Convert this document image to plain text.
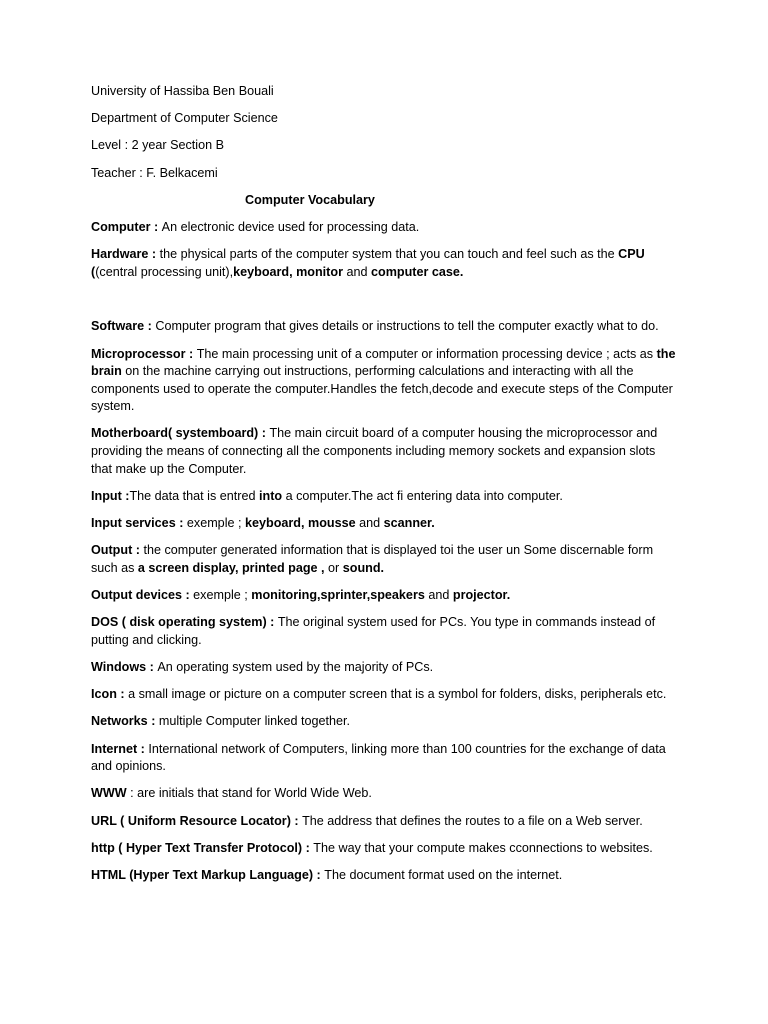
University of Hassiba Ben Bouali
Department of Computer Science
Level : 2 year Section B
Teacher : F. Belkacemi
Computer Vocabulary
Computer : An electronic device used for processing data.
Hardware : the physical parts of the computer system that you can touch and feel such as the CPU ((central processing unit),keyboard, monitor and computer case.
Software : Computer program that gives details or instructions to tell the computer exactly what to do.
Microprocessor : The main processing unit of a computer or information processing device ; acts as the brain on the machine carrying out instructions, performing calculations and interacting with all the components used to operate the computer.Handles the fetch,decode and execute steps of the Computer system.
Motherboard( systemboard) : The main circuit board of a computer housing the microprocessor and providing the means of connecting all the components including memory sockets and expansion slots that make up the Computer.
Input :The data that is entred into a computer.The act fi entering data into computer.
Input services : exemple ; keyboard, mousse and scanner.
Output : the computer generated information that is displayed toi the user un Some discernable form such as a screen display, printed page , or sound.
Output devices : exemple ; monitoring,sprinter,speakers and projector.
DOS ( disk operating system) : The original system used for PCs. You type in commands instead of putting and clicking.
Windows : An operating system used by the majority of PCs.
Icon : a small image or picture on a computer screen that is a symbol for folders, disks, peripherals etc.
Networks : multiple Computer linked together.
Internet : International network of Computers, linking more than 100 countries for the exchange of data and opinions.
WWW : are initials that stand for World Wide Web.
URL ( Uniform Resource Locator) : The address that defines the routes to a file on a Web server.
http ( Hyper Text Transfer Protocol) : The way that your compute makes cconnections to websites.
HTML (Hyper Text Markup Language) : The document format used on the internet.
